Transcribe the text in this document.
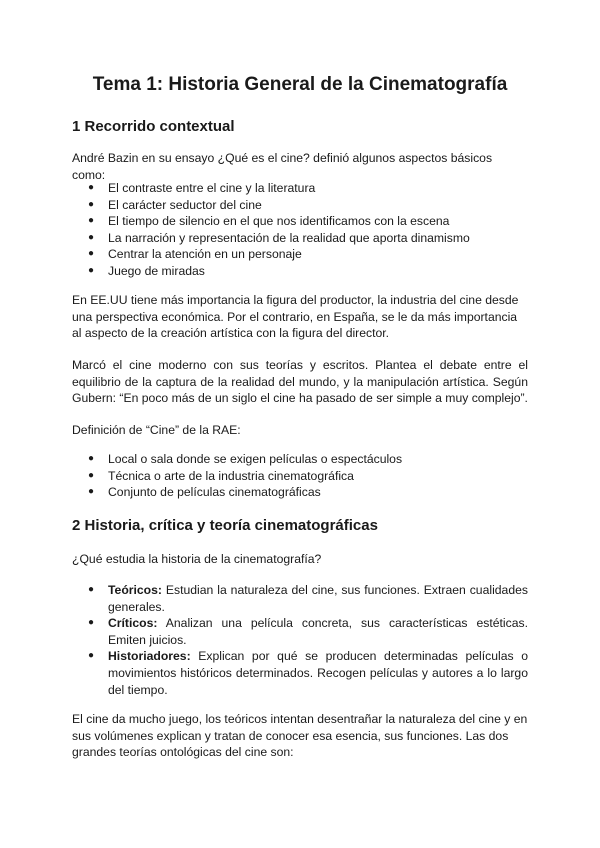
Tema 1: Historia General de la Cinematografía
1 Recorrido contextual

André Bazin en su ensayo ¿Qué es el cine? definió algunos aspectos básicos como:

● El contraste entre el cine y la literatura
● El carácter seductor del cine
● El tiempo de silencio en el que nos identificamos con la escena
● La narración y representación de la realidad que aporta dinamismo
● Centrar la atención en un personaje
● Juego de miradas

En EE.UU tiene más importancia la figura del productor, la industria del cine desde una perspectiva económica. Por el contrario, en España, se le da más importancia al aspecto de la creación artística con la figura del director.

Marcó el cine moderno con sus teorías y escritos. Plantea el debate entre el equilibrio de la captura de la realidad del mundo, y la manipulación artística. Según Gubern: “En poco más de un siglo el cine ha pasado de ser simple a muy complejo”.

Definición de “Cine” de la RAE:

● Local o sala donde se exigen películas o espectáculos
● Técnica o arte de la industria cinematográfica
● Conjunto de películas cinematográficas
2 Historia, crítica y teoría cinematográficas

¿Qué estudia la historia de la cinematografía?

● Teóricos: Estudian la naturaleza del cine, sus funciones. Extraen cualidades generales.
● Críticos: Analizan una película concreta, sus características estéticas. Emiten juicios.
● Historiadores: Explican por qué se producen determinadas películas o movimientos históricos determinados. Recogen películas y autores a lo largo del tiempo.

El cine da mucho juego, los teóricos intentan desentrañar la naturaleza del cine y en sus volúmenes explican y tratan de conocer esa esencia, sus funciones. Las dos grandes teorías ontológicas del cine son:
